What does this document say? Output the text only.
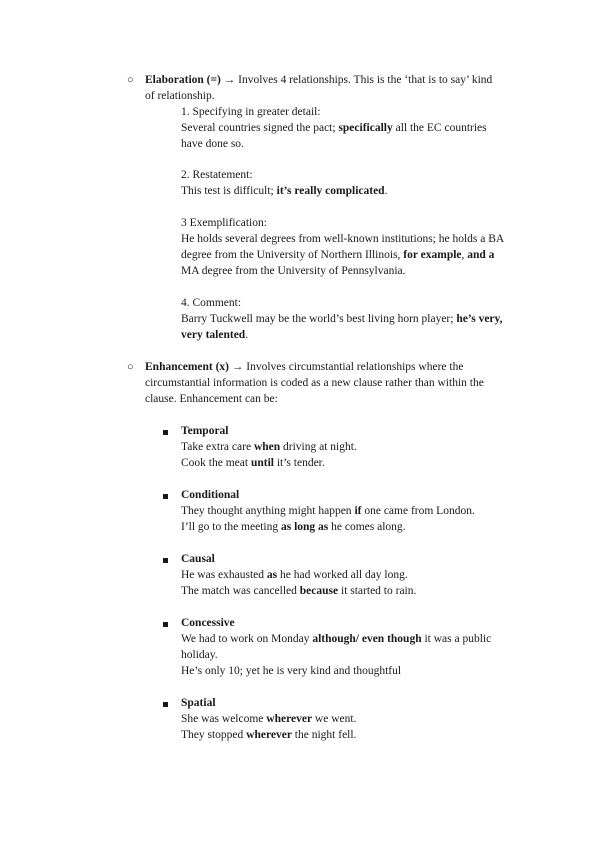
○ Elaboration (=) → Involves 4 relationships. This is the ‘that is to say’ kind
of relationship.
1. Specifying in greater detail:
Several countries signed the pact; specifically all the EC countries
have done so.
2. Restatement:
This test is difficult; it’s really complicated.
3 Exemplification:
He holds several degrees from well-known institutions; he holds a BA
degree from the University of Northern Illinois, for example, and a
MA degree from the University of Pennsylvania.
4. Comment:
Barry Tuckwell may be the world’s best living horn player; he’s very,
very talented.
○ Enhancement (x) → Involves circumstantial relationships where the
circumstantial information is coded as a new clause rather than within the
clause. Enhancement can be:
Temporal
Take extra care when driving at night.
Cook the meat until it’s tender.
Conditional
They thought anything might happen if one came from London.
I’ll go to the meeting as long as he comes along.
Causal
He was exhausted as he had worked all day long.
The match was cancelled because it started to rain.
Concessive
We had to work on Monday although/ even though it was a public
holiday.
He’s only 10; yet he is very kind and thoughtful
Spatial
She was welcome wherever we went.
They stopped wherever the night fell.
